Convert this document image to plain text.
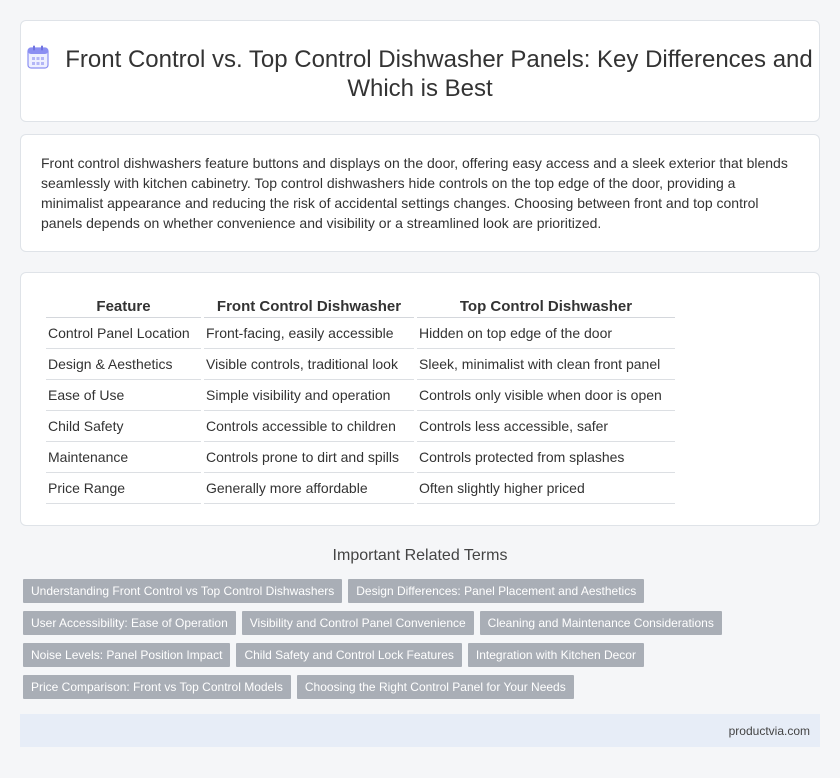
Front Control vs. Top Control Dishwasher Panels: Key Differences and Which is Best

Front control dishwashers feature buttons and displays on the door, offering easy access and a sleek exterior that blends seamlessly with kitchen cabinetry. Top control dishwashers hide controls on the top edge of the door, providing a minimalist appearance and reducing the risk of accidental settings changes. Choosing between front and top control panels depends on whether convenience and visibility or a streamlined look are prioritized.

Feature	Front Control Dishwasher	Top Control Dishwasher
Control Panel Location	Front-facing, easily accessible	Hidden on top edge of the door
Design & Aesthetics	Visible controls, traditional look	Sleek, minimalist with clean front panel
Ease of Use	Simple visibility and operation	Controls only visible when door is open
Child Safety	Controls accessible to children	Controls less accessible, safer
Maintenance	Controls prone to dirt and spills	Controls protected from splashes
Price Range	Generally more affordable	Often slightly higher priced
Important Related Terms
Understanding Front Control vs Top Control Dishwashers Design Differences: Panel Placement and Aesthetics
User Accessibility: Ease of Operation Visibility and Control Panel Convenience Cleaning and Maintenance Considerations
Noise Levels: Panel Position Impact Child Safety and Control Lock Features Integration with Kitchen Decor
Price Comparison: Front vs Top Control Models Choosing the Right Control Panel for Your Needs
productvia.com
